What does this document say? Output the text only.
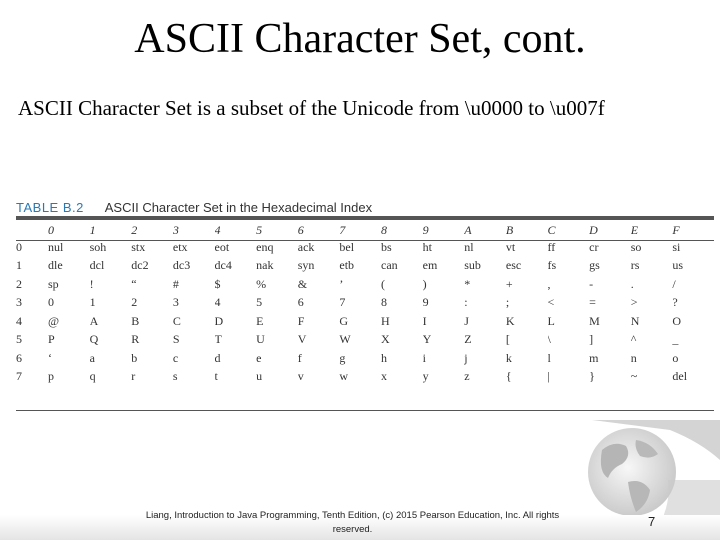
ASCII Character Set, cont.
ASCII Character Set is a subset of the Unicode from \u0000 to \u007f
TABLE B.2 ASCII Character Set in the Hexadecimal Index
	0	1	2	3	4	5	6	7	8	9	A	B	C	D	E	F
0	nul	soh	stx	etx	eot	enq	ack	bel	bs	ht	nl	vt	ff	cr	so	si
1	dle	dcl	dc2	dc3	dc4	nak	syn	etb	can	em	sub	esc	fs	gs	rs	us
2	sp	!	“	#	$	%	&	’	(	)	*	+	,	-	.	/
3	0	1	2	3	4	5	6	7	8	9	:	;	<	=	>	?
4	@	A	B	C	D	E	F	G	H	I	J	K	L	M	N	O
5	P	Q	R	S	T	U	V	W	X	Y	Z	[	\	]	^	_
6	‘	a	b	c	d	e	f	g	h	i	j	k	l	m	n	o
7	p	q	r	s	t	u	v	w	x	y	z	{	|	}	~	del
Liang, Introduction to Java Programming, Tenth Edition, (c) 2015 Pearson Education, Inc. All rights reserved.
7
